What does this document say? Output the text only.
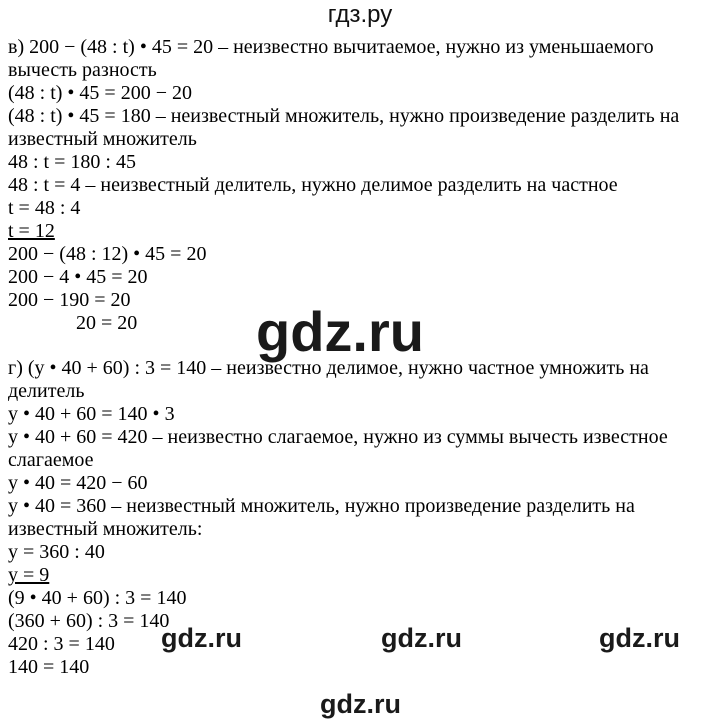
гдз.ру
в) 200 − (48 : t) • 45 = 20 – неизвестно вычитаемое, нужно из уменьшаемого
вычесть разность
(48 : t) • 45 = 200 − 20
(48 : t) • 45 = 180 – неизвестный множитель, нужно произведение разделить на
известный множитель
48 : t = 180 : 45
48 : t = 4 – неизвестный делитель, нужно делимое разделить на частное
t = 48 : 4
t = 12
200 − (48 : 12) • 45 = 20
200 − 4 • 45 = 20
200 − 190 = 20
20 = 20
г) (y • 40 + 60) : 3 = 140 – неизвестно делимое, нужно частное умножить на
делитель
y • 40 + 60 = 140 • 3
y • 40 + 60 = 420 – неизвестно слагаемое, нужно из суммы вычесть известное
слагаемое
y • 40 = 420 − 60
y • 40 = 360 – неизвестный множитель, нужно произведение разделить на
известный множитель:
y = 360 : 40
y = 9
(9 • 40 + 60) : 3 = 140
(360 + 60) : 3 = 140
420 : 3 = 140
140 = 140
gdz.ru
gdz.ru	gdz.ru	gdz.ru
gdz.ru
